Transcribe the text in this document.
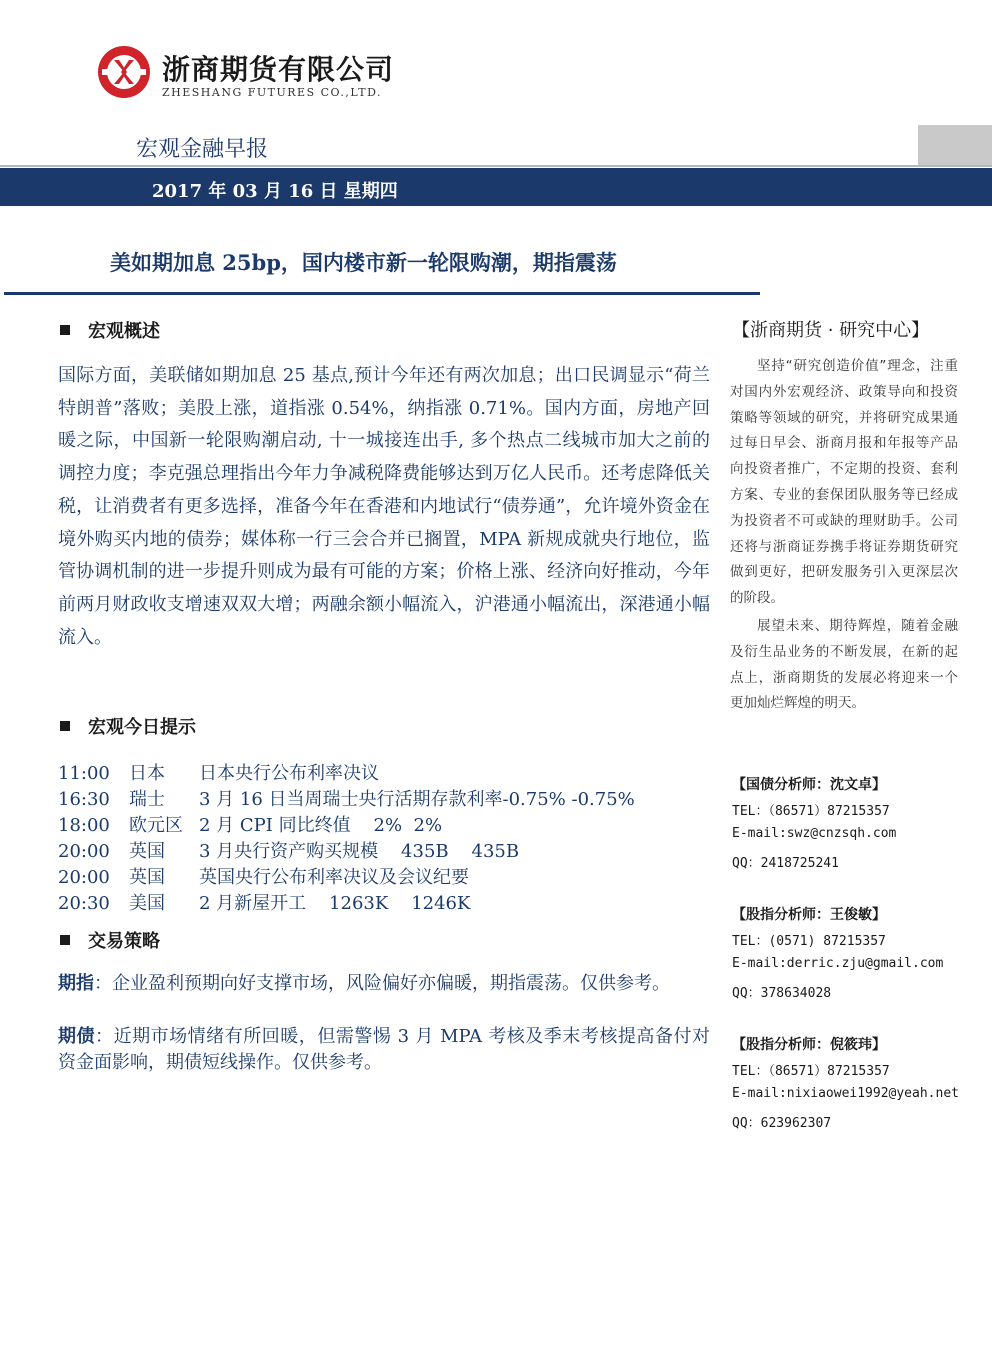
浙商期货有限公司
ZHESHANG FUTURES CO.,LTD.
宏观金融早报
2017 年 03 月 16 日 星期四
美如期加息 25bp，国内楼市新一轮限购潮，期指震荡
宏观概述
国际方面，美联储如期加息 25 基点,预计今年还有两次加息；出口民调显示“荷兰特朗普”落败；美股上涨，道指涨 0.54%，纳指涨 0.71%。国内方面，房地产回暖之际，中国新一轮限购潮启动, 十一城接连出手, 多个热点二线城市加大之前的调控力度；李克强总理指出今年力争减税降费能够达到万亿人民币。还考虑降低关税，让消费者有更多选择，准备今年在香港和内地试行“债券通”，允许境外资金在境外购买内地的债券；媒体称一行三会合并已搁置，MPA 新规成就央行地位，监管协调机制的进一步提升则成为最有可能的方案；价格上涨、经济向好推动，今年前两月财政收支增速双双大增；两融余额小幅流入，沪港通小幅流出，深港通小幅流入。
宏观今日提示
11:00 日本 日本央行公布利率决议
16:30 瑞士 3 月 16 日当周瑞士央行活期存款利率-0.75% -0.75%
18:00 欧元区 2 月 CPI 同比终值    2%  2%
20:00 英国 3 月央行资产购买规模    435B    435B
20:00 英国 英国央行公布利率决议及会议纪要
20:30 美国 2 月新屋开工    1263K    1246K
交易策略
期指：企业盈利预期向好支撑市场，风险偏好亦偏暖，期指震荡。仅供参考。
期债：近期市场情绪有所回暖，但需警惕 3 月 MPA 考核及季末考核提高备付对资金面影响，期债短线操作。仅供参考。
【浙商期货 · 研究中心】
坚持“研究创造价值”理念，注重对国内外宏观经济、政策导向和投资策略等领域的研究，并将研究成果通过每日早会、浙商月报和年报等产品向投资者推广，不定期的投资、套利方案、专业的套保团队服务等已经成为投资者不可或缺的理财助手。公司还将与浙商证券携手将证券期货研究做到更好，把研发服务引入更深层次的阶段。
展望未来、期待辉煌，随着金融及衍生品业务的不断发展，在新的起点上，浙商期货的发展必将迎来一个更加灿烂辉煌的明天。
【国债分析师：沈文卓】
TEL：（86571）87215357
E-mail:swz@cnzsqh.com
QQ：2418725241
【股指分析师：王俊敏】
TEL：(0571) 87215357
E-mail:derric.zju@gmail.com
QQ：378634028
【股指分析师：倪筱玮】
TEL：（86571）87215357
E-mail:nixiaowei1992@yeah.net
QQ：623962307
